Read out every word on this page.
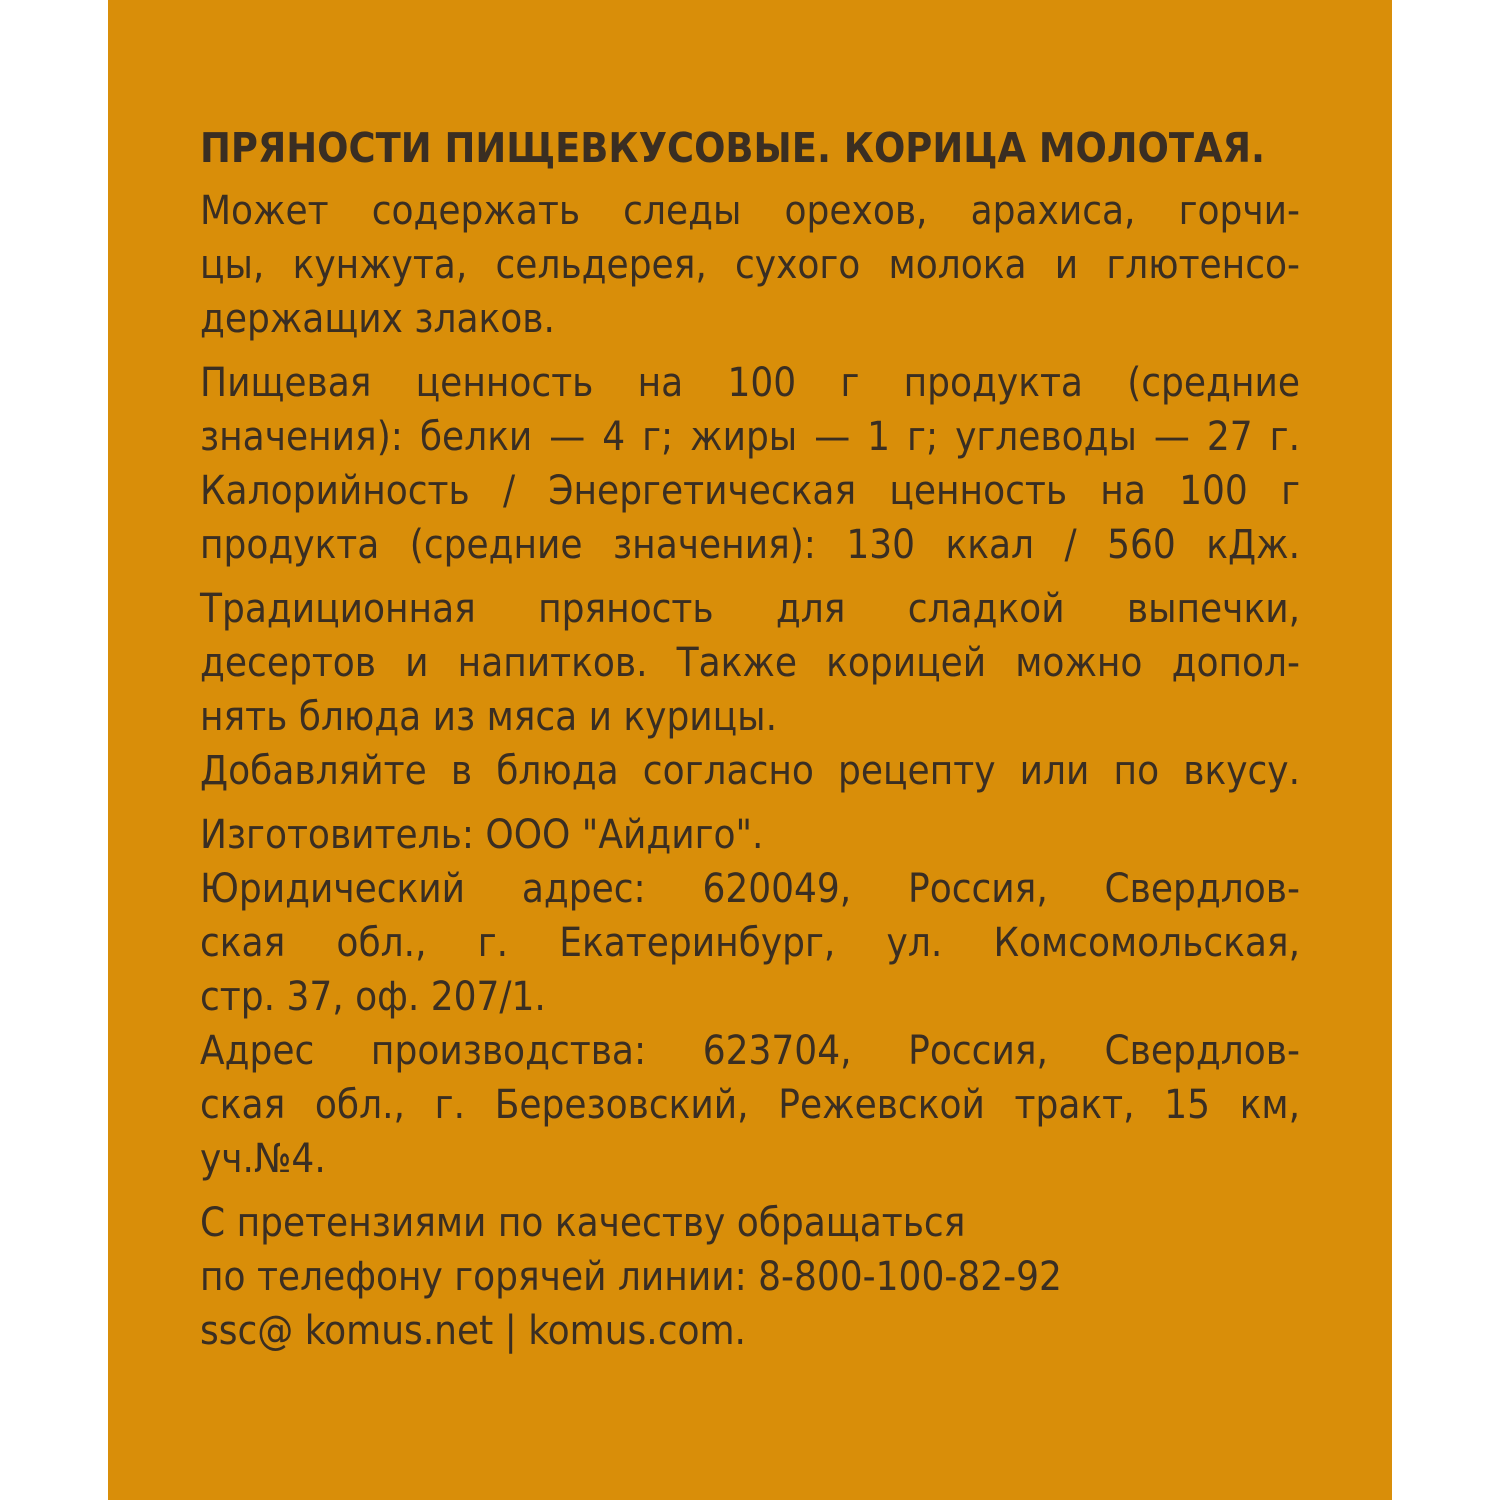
ПРЯНОСТИ ПИЩЕВКУСОВЫЕ. КОРИЦА МОЛОТАЯ.
Может содержать следы орехов, арахиса, горчи-
цы, кунжута, сельдерея, сухого молока и глютенсо-
держащих злаков.
Пищевая ценность на 100 г продукта (средние
значения): белки — 4 г; жиры — 1 г; углеводы — 27 г.
Калорийность / Энергетическая ценность на 100 г
продукта (средние значения): 130 ккал / 560 кДж.
Традиционная пряность для сладкой выпечки,
десертов и напитков. Также корицей можно допол-
нять блюда из мяса и курицы.
Добавляйте в блюда согласно рецепту или по вкусу.
Изготовитель: ООО "Айдиго".
Юридический адрес: 620049, Россия, Свердлов-
ская обл., г. Екатеринбург, ул. Комсомольская,
стр. 37, оф. 207/1.
Адрес производства: 623704, Россия, Свердлов-
ская обл., г. Березовский, Режевской тракт, 15 км,
уч.№4.
С претензиями по качеству обращаться
по телефону горячей линии: 8-800-100-82-92
ssc@ komus.net | komus.com.
